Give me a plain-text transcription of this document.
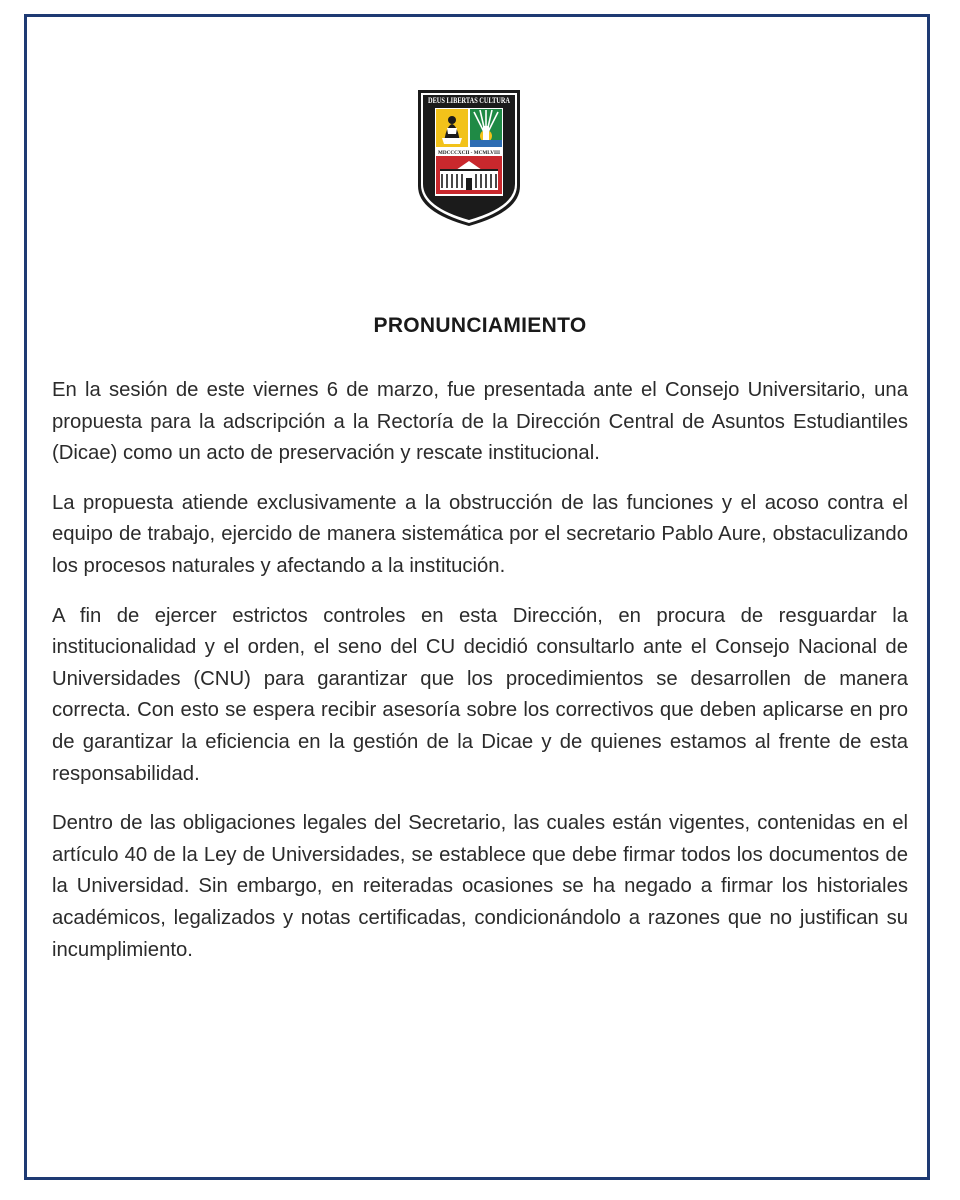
DEUS LIBERTAS CULTURA
MDCCCXCII - MCMLVIII
UNIVERSITAS CARABOBENSIS
PRONUNCIAMIENTO

En la sesión de este viernes 6 de marzo, fue presentada ante el Consejo Universitario, una propuesta para la adscripción a la Rectoría de la Dirección Central de Asuntos Estudiantiles (Dicae) como un acto de preservación y rescate institucional.

La propuesta atiende exclusivamente a la obstrucción de las funciones y el acoso contra el equipo de trabajo, ejercido de manera sistemática por el secretario Pablo Aure, obstaculizando los procesos naturales y afectando a la institución.

A fin de ejercer estrictos controles en esta Dirección, en procura de resguardar la institucionalidad y el orden, el seno del CU decidió consultarlo ante el Consejo Nacional de Universidades (CNU) para garantizar que los procedimientos se desarrollen de manera correcta. Con esto se espera recibir asesoría sobre los correctivos que deben aplicarse en pro de garantizar la eficiencia en la gestión de la Dicae y de quienes estamos al frente de esta responsabilidad.

Dentro de las obligaciones legales del Secretario, las cuales están vigentes, contenidas en el artículo 40 de la Ley de Universidades, se establece que debe firmar todos los documentos de la Universidad. Sin embargo, en reiteradas ocasiones se ha negado a firmar los historiales académicos, legalizados y notas certificadas, condicionándolo a razones que no justifican su incumplimiento.
